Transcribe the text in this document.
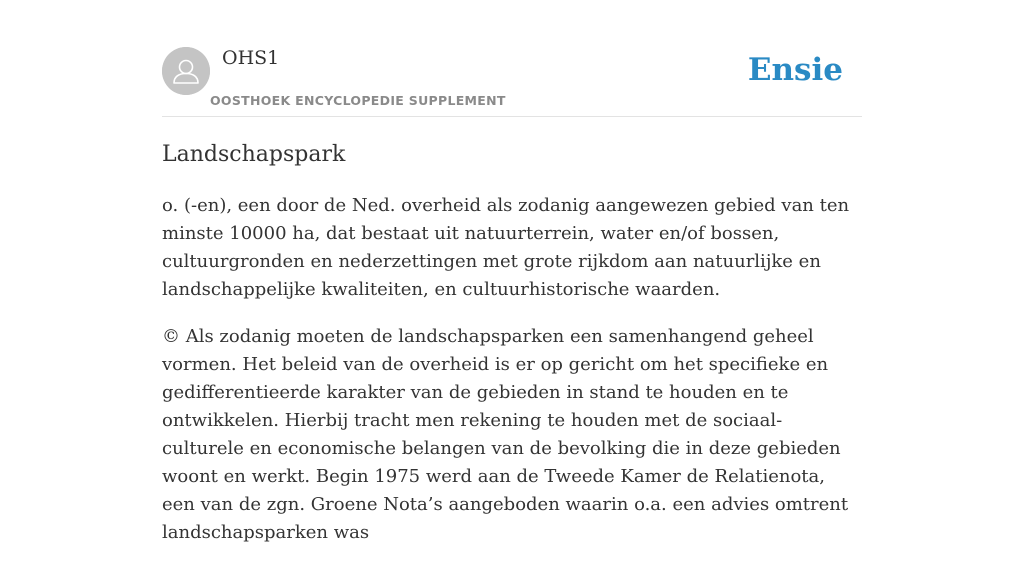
OHS1
OOSTHOEK ENCYCLOPEDIE SUPPLEMENT
Ensie
Landschapspark

o. (-en), een door de Ned. overheid als zodanig aangewezen gebied van ten minste 10000 ha, dat bestaat uit natuurterrein, water en/of bossen, cultuurgronden en nederzettingen met grote rijkdom aan natuurlijke en landschappelijke kwaliteiten, en cultuurhistorische waarden.

© Als zodanig moeten de landschapsparken een samenhangend geheel vormen. Het beleid van de overheid is er op gericht om het specifieke en gedifferentieerde karakter van de gebieden in stand te houden en te ontwikkelen. Hierbij tracht men rekening te houden met de sociaal-culturele en economische belangen van de bevolking die in deze gebieden woont en werkt. Begin 1975 werd aan de Tweede Kamer de Relatienota, een van de zgn. Groene Nota’s aangeboden waarin o.a. een advies omtrent landschapsparken was
